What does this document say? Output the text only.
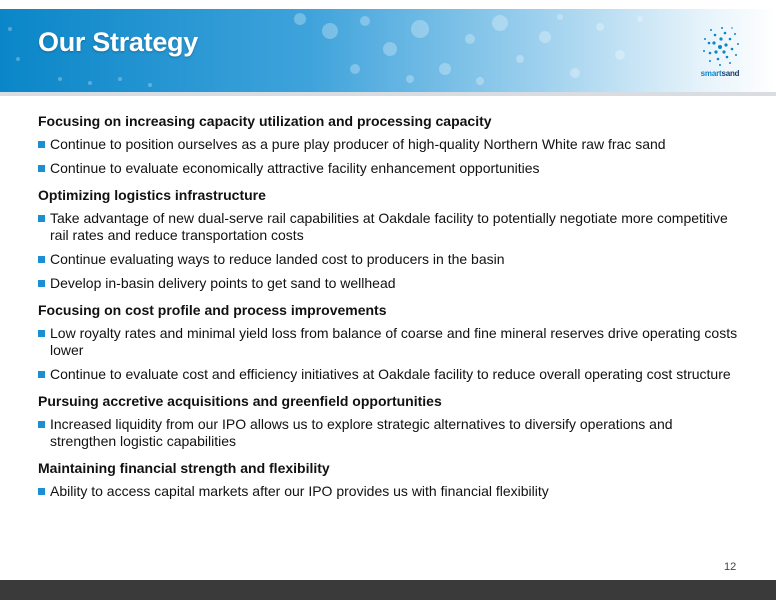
Our Strategy
smartsand
Focusing on increasing capacity utilization and processing capacity
Continue to position ourselves as a pure play producer of high-quality Northern White raw frac sand
Continue to evaluate economically attractive facility enhancement opportunities
Optimizing logistics infrastructure
Take advantage of new dual-serve rail capabilities at Oakdale facility to potentially negotiate more competitive rail rates and reduce transportation costs
Continue evaluating ways to reduce landed cost to producers in the basin
Develop in-basin delivery points to get sand to wellhead
Focusing on cost profile and process improvements
Low royalty rates and minimal yield loss from balance of coarse and fine mineral reserves drive operating costs lower
Continue to evaluate cost and efficiency initiatives at Oakdale facility to reduce overall operating cost structure
Pursuing accretive acquisitions and greenfield opportunities
Increased liquidity from our IPO allows us to explore strategic alternatives to diversify operations and strengthen logistic capabilities
Maintaining financial strength and flexibility
Ability to access capital markets after our IPO provides us with financial flexibility
12
